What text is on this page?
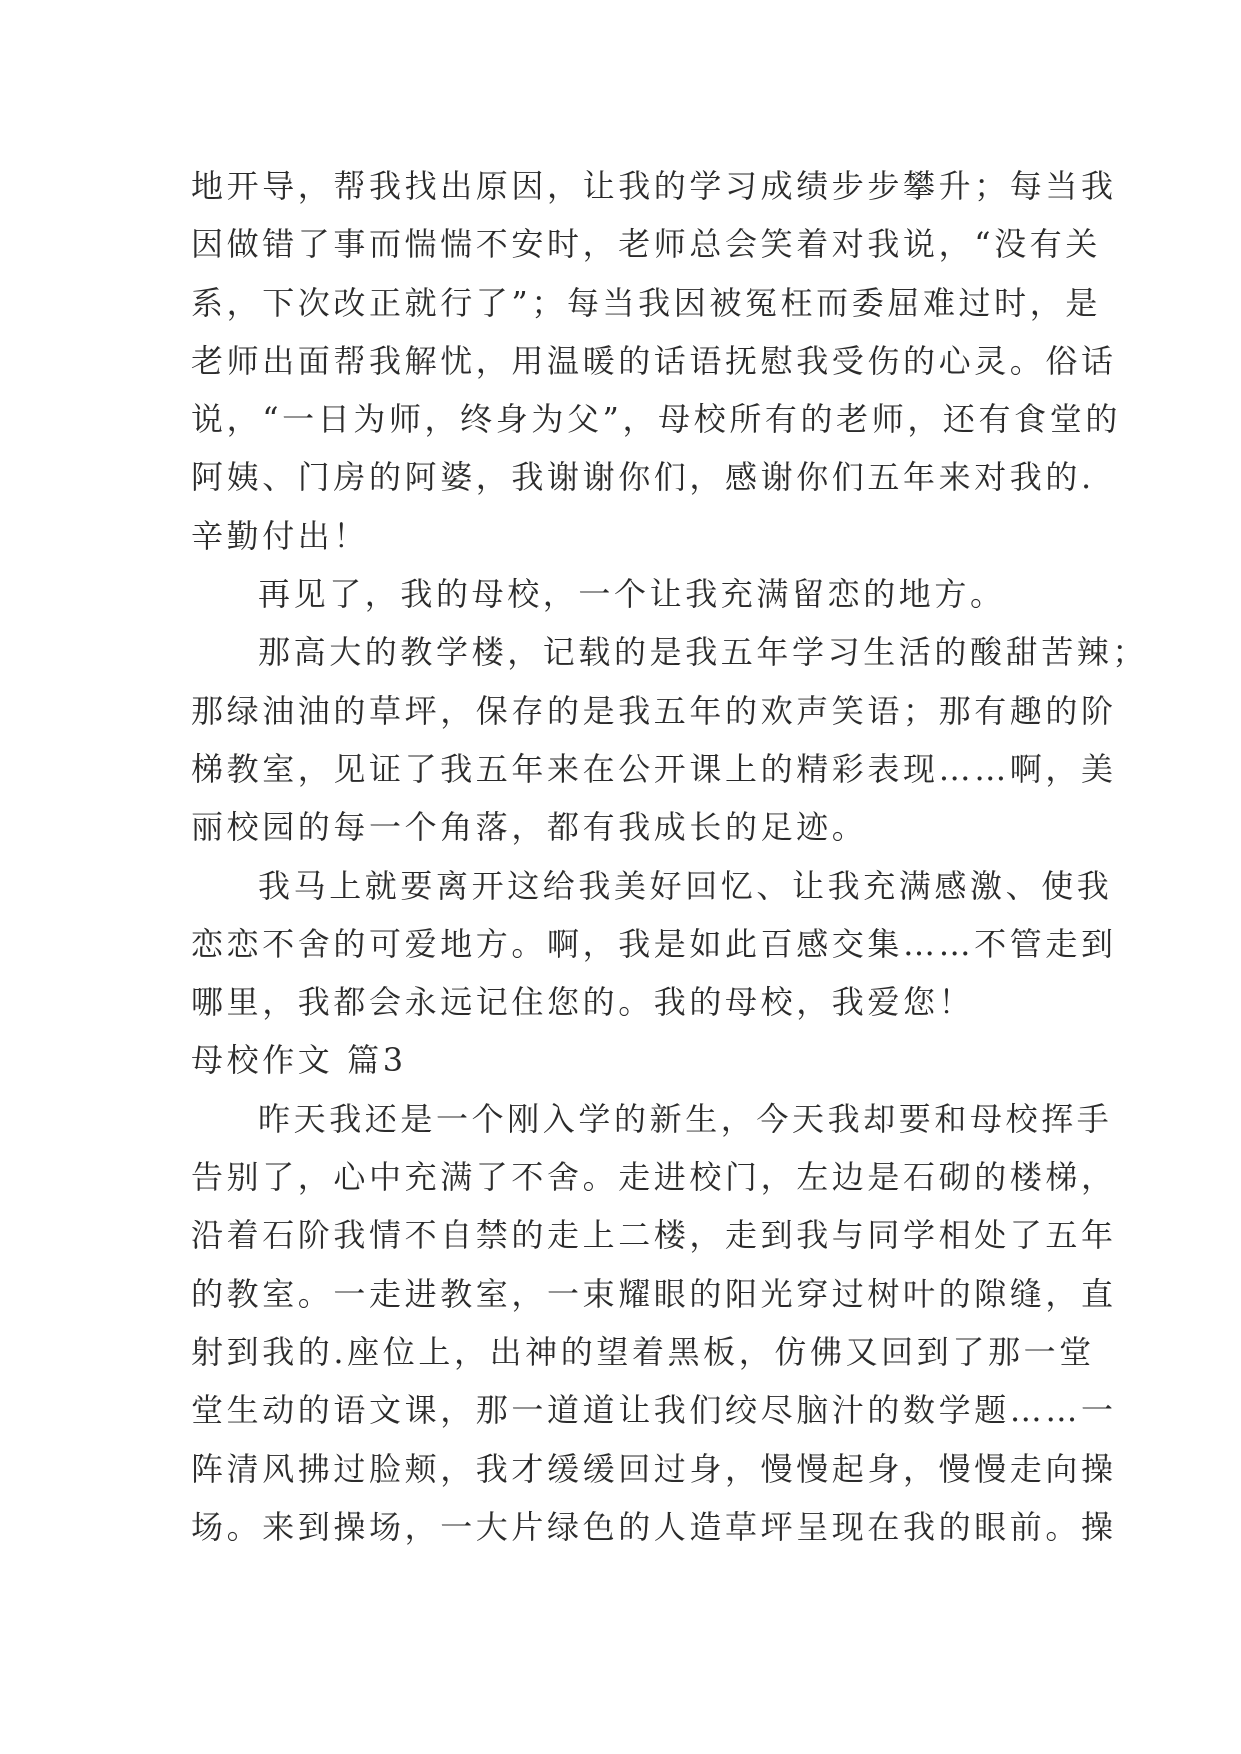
地开导，帮我找出原因，让我的学习成绩步步攀升；每当我
因做错了事而惴惴不安时，老师总会笑着对我说，“没有关
系，下次改正就行了”；每当我因被冤枉而委屈难过时，是
老师出面帮我解忧，用温暖的话语抚慰我受伤的心灵。俗话
说，“一日为师，终身为父”，母校所有的老师，还有食堂的
阿姨、门房的阿婆，我谢谢你们，感谢你们五年来对我的.
辛勤付出！
再见了，我的母校，一个让我充满留恋的地方。
那高大的教学楼，记载的是我五年学习生活的酸甜苦辣；
那绿油油的草坪，保存的是我五年的欢声笑语；那有趣的阶
梯教室，见证了我五年来在公开课上的精彩表现……啊，美
丽校园的每一个角落，都有我成长的足迹。
我马上就要离开这给我美好回忆、让我充满感激、使我
恋恋不舍的可爱地方。啊，我是如此百感交集……不管走到
哪里，我都会永远记住您的。我的母校，我爱您！
母校作文 篇3
昨天我还是一个刚入学的新生，今天我却要和母校挥手
告别了，心中充满了不舍。走进校门，左边是石砌的楼梯，
沿着石阶我情不自禁的走上二楼，走到我与同学相处了五年
的教室。一走进教室，一束耀眼的阳光穿过树叶的隙缝，直
射到我的.座位上，出神的望着黑板，仿佛又回到了那一堂
堂生动的语文课，那一道道让我们绞尽脑汁的数学题……一
阵清风拂过脸颊，我才缓缓回过身，慢慢起身，慢慢走向操
场。来到操场，一大片绿色的人造草坪呈现在我的眼前。操
